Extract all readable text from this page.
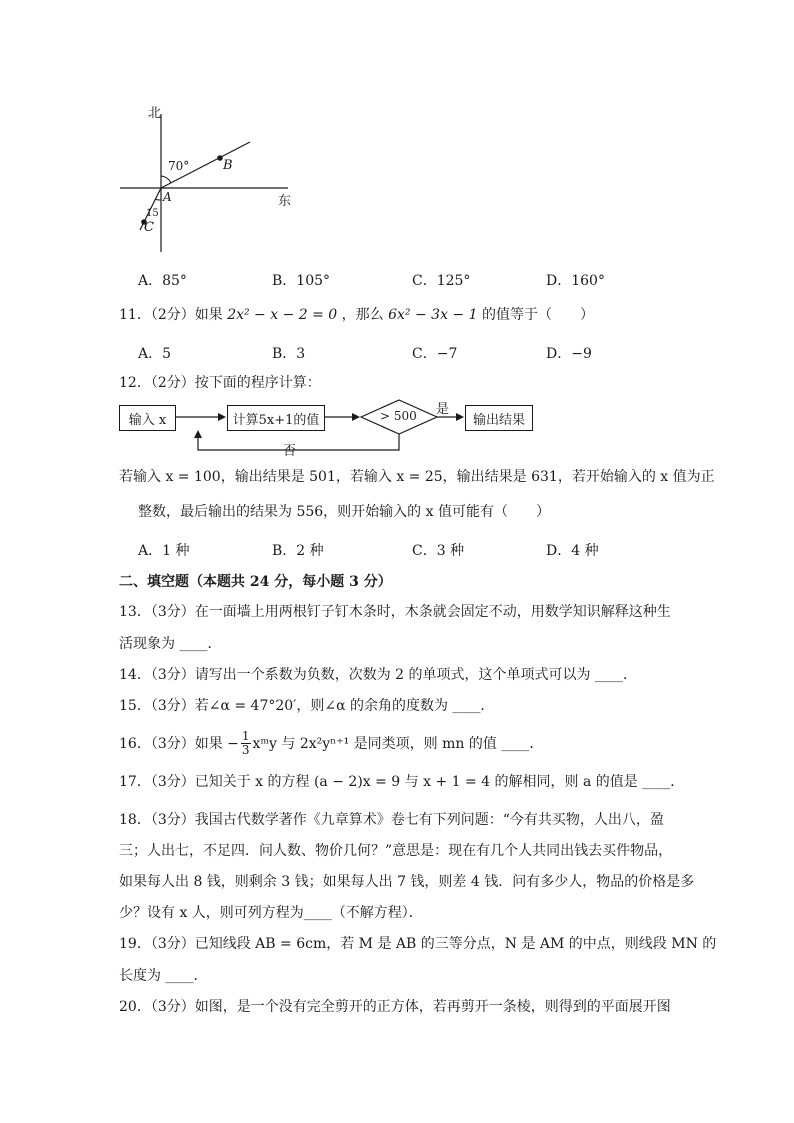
北
东
70°
15
A
B
C
A．85°	B．105°	C．125°	D．160°
11．（2分）如果 2x² − x − 2 = 0 ，那么 6x² − 3x − 1 的值等于（　　）
A．5	B．3	C．−7	D．−9
12．（2分）按下面的程序计算：
输入 x	计算5x+1的值	> 500 是
输出结果
否
若输入 x = 100，输出结果是 501，若输入 x = 25，输出结果是 631，若开始输入的 x 值为正
整数，最后输出的结果为 556，则开始输入的 x 值可能有（　　）
A．1 种	B．2 种	C．3 种	D．4 种
二、填空题（本题共 24 分，每小题 3 分）
13．（3分）在一面墙上用两根钉子钉木条时，木条就会固定不动，用数学知识解释这种生
活现象为 ____．
14．（3分）请写出一个系数为负数，次数为 2 的单项式，这个单项式可以为 ____．
15．（3分）若∠α = 47°20′，则∠α 的余角的度数为 ____．
16．（3分）如果 − $\frac{1}{3}$ xᵐy 与 2x²yⁿ⁺¹ 是同类项，则 mn 的值 ____．
17．（3分）已知关于 x 的方程 (a − 2)x = 9 与 x + 1 = 4 的解相同，则 a 的值是 ____．
18．（3分）我国古代数学著作《九章算术》卷七有下列问题：“今有共买物，人出八，盈
三；人出七，不足四．问人数、物价几何？”意思是：现在有几个人共同出钱去买件物品，
如果每人出 8 钱，则剩余 3 钱；如果每人出 7 钱，则差 4 钱．问有多少人，物品的价格是多
少？设有 x 人，则可列方程为____（不解方程）．
19．（3分）已知线段 AB = 6cm，若 M 是 AB 的三等分点，N 是 AM 的中点，则线段 MN 的
长度为 ____．
20．（3分）如图，是一个没有完全剪开的正方体，若再剪开一条棱，则得到的平面展开图
